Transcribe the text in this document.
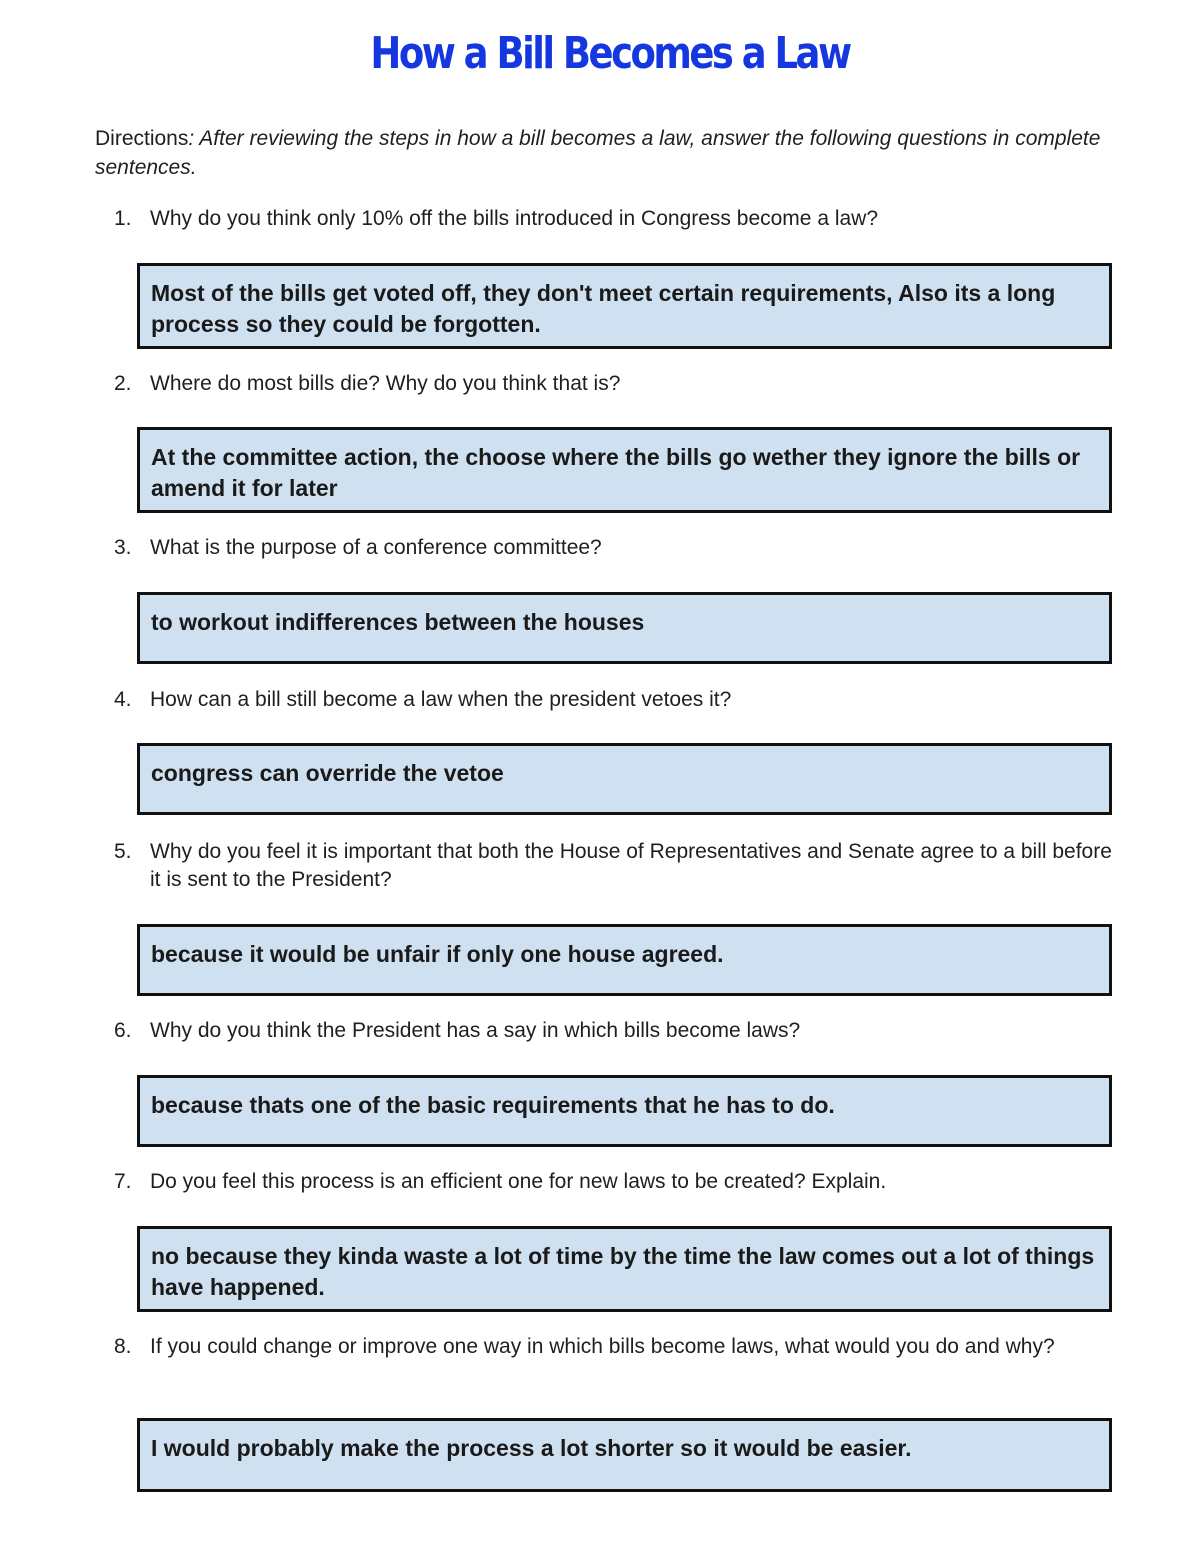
How a Bill Becomes a Law
Directions: After reviewing the steps in how a bill becomes a law, answer the following questions in complete sentences.
1. Why do you think only 10% off the bills introduced in Congress become a law?
Most of the bills get voted off, they don't meet certain requirements, Also its a long process so they could be forgotten.
2. Where do most bills die? Why do you think that is?
At the committee action, the choose where the bills go wether they ignore the bills or amend it for later
3. What is the purpose of a conference committee?
to workout indifferences between the houses
4. How can a bill still become a law when the president vetoes it?
congress can override the vetoe
5. Why do you feel it is important that both the House of Representatives and Senate agree to a bill before it is sent to the President?
because it would be unfair if only one house agreed.
6. Why do you think the President has a say in which bills become laws?
because thats one of the basic requirements that he has to do.
7. Do you feel this process is an efficient one for new laws to be created? Explain.
no because they kinda waste a lot of time by the time the law comes out a lot of things have happened.
8. If you could change or improve one way in which bills become laws, what would you do and why?
I would probably make the process a lot shorter so it would be easier.
